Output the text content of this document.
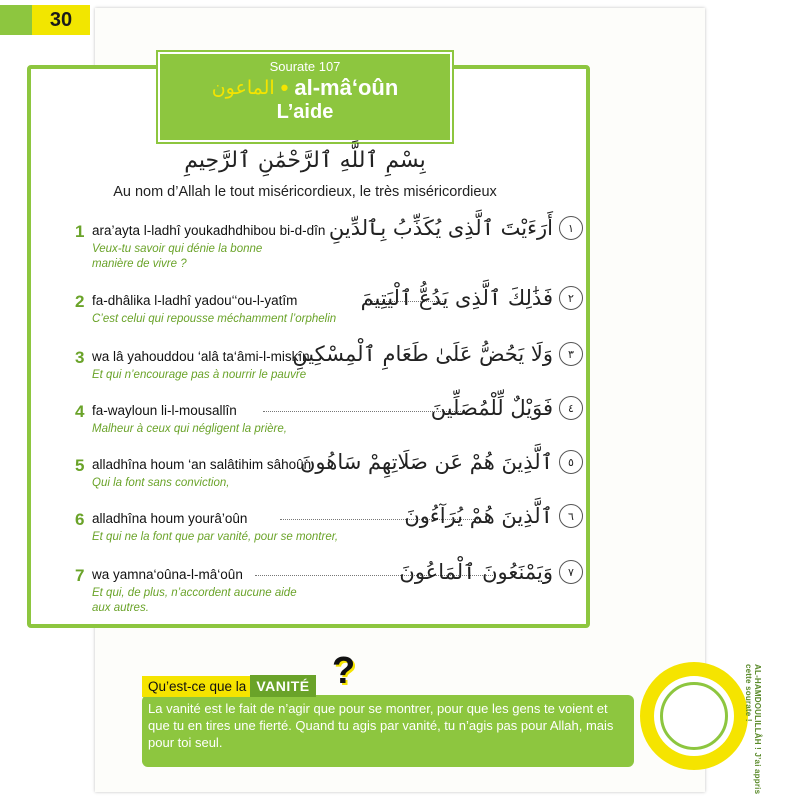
30
Sourate 107
الماعون • al-mâ‘oûn
L’aide
بِسْمِ ٱللَّهِ ٱلرَّحْمَٰنِ ٱلرَّحِيمِ
Au nom d’Allah le tout miséricordieux, le très miséricordieux
1 ara’ayta l-ladhî youkadhdhibou bi-d-dîn
Veux-tu savoir qui dénie la bonne manière de vivre ?
١
أَرَءَيْتَ ٱلَّذِى يُكَذِّبُ بِٱلدِّينِ
2 fa-dhâlika l-ladhî yadou‘‘ou-l-yatîm
C’est celui qui repousse méchamment l’orphelin
٢
فَذَٰلِكَ ٱلَّذِى يَدُعُّ ٱلْيَتِيمَ
3 wa lâ yahouddou ‘alâ ta‘âmi-l-miskîn
Et qui n’encourage pas à nourrir le pauvre
٣
وَلَا يَحُضُّ عَلَىٰ طَعَامِ ٱلْمِسْكِينِ
4 fa-wayloun li-l-mousallîn
Malheur à ceux qui négligent la prière,
٤
فَوَيْلٌ لِّلْمُصَلِّينَ
5 alladhîna houm ‘an salâtihim sâhoûn
Qui la font sans conviction,
٥
ٱلَّذِينَ هُمْ عَن صَلَاتِهِمْ سَاهُونَ
6 alladhîna houm yourâ’oûn
Et qui ne la font que par vanité, pour se montrer,
٦
ٱلَّذِينَ هُمْ يُرَآءُونَ
7 wa yamna‘oûna-l-mâ‘oûn
Et qui, de plus, n’accordent aucune aide aux autres.
٧
وَيَمْنَعُونَ ٱلْمَاعُونَ
Qu’est-ce que la VANITÉ ?
La vanité est le fait de n’agir que pour se montrer, pour que les gens te voient et que tu en tires une fierté. Quand tu agis par vanité, tu n’agis pas pour Allah, mais pour toi seul.	AL-HAMDOULILLÂH ! J’ai appris cette sourate !
